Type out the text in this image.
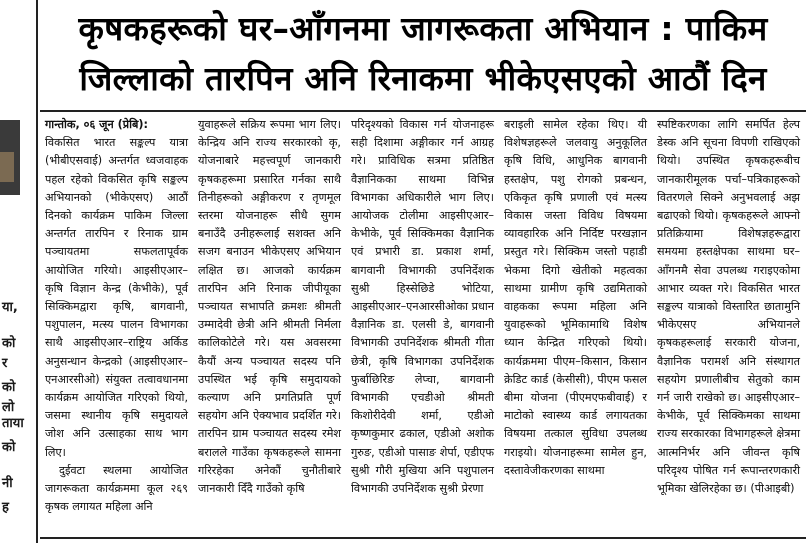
या,
को
र
को
लो
ताया
को
नी
ह
कृषकहरूको घर–आँगनमा जागरूकता अभियान : पाकिम
जिल्लाको तारपिन अनि रिनाकमा भीकेएसएको आठौं दिन

गान्तोक, ०६ जून (प्रेबि):

विकसित भारत सङ्कल्प यात्रा (भीबीएसवाई) अन्तर्गत ध्वजवाहक पहल रहेको विकसित कृषि सङ्कल्प अभियानको (भीकेएसए) आठौं दिनको कार्यक्रम पाकिम जिल्ला अन्तर्गत तारपिन र रिनाक ग्राम पञ्चायतमा सफलतापूर्वक आयोजित गरियो। आइसीएआर–कृषि विज्ञान केन्द्र (केभीके), पूर्व सिक्किमद्वारा कृषि, बागवानी, पशुपालन, मत्स्य पालन विभागका साथै आइसीएआर–राष्ट्रिय अर्किड अनुसन्धान केन्द्रको (आइसीएआर–एनआरसीओ) संयुक्त तत्वावधानमा कार्यक्रम आयोजित गरिएको थियो, जसमा स्थानीय कृषि समुदायले जोश अनि उत्साहका साथ भाग लिए।

दुईवटा स्थलमा आयोजित जागरूकता कार्यक्रममा कूल २६९ कृषक लगायत महिला अनि

युवाहरूले सक्रिय रूपमा भाग लिए। केन्द्रिय अनि राज्य सरकारको कृ, योजनाबारे महत्त्वपूर्ण जानकारी कृषकहरूमा प्रसारित गर्नका साथै तिनीहरूको अङ्गीकरण र तृणमूल स्तरमा योजनाहरू सीधै सुगम बनाउँदै उनीहरूलाई सशक्त अनि सजग बनाउन भीकेएसए अभियान लक्षित छ। आजको कार्यक्रम तारपिन अनि रिनाक जीपीयूका पञ्चायत सभापति क्रमशः श्रीमती उम्मादेवी छेत्री अनि श्रीमती निर्मला कालिकोटेले गरे। यस अवसरमा कैयौं अन्य पञ्चायत सदस्य पनि उपस्थित भई कृषि समुदायको कल्याण अनि प्रगतिप्रति पूर्ण सहयोग अनि ऐक्यभाव प्रदर्शित गरे। तारपिन ग्राम पञ्चायत सदस्य रमेश बरालले गाउँका कृषकहरूले सामना गरिरहेका अनेकौं चुनौतीबारे जानकारी दिँदै गाउँको कृषि
परिदृश्यको विकास गर्न योजनाहरू सही दिशामा अङ्गीकार गर्न आग्रह गरे। प्राविधिक सत्रमा प्रतिष्ठित वैज्ञानिकका साथमा विभिन्न विभागका अधिकारीले भाग लिए। आयोजक टोलीमा आइसीएआर–केभीके, पूर्व सिक्किमका वैज्ञानिक एवं प्रभारी डा. प्रकाश शर्मा, बागवानी विभागकी उपनिर्देशक सुश्री हिस्सेछिडे भोटिया, आइसीएआर–एनआरसीओका प्रधान वैज्ञानिक डा. एलसी डे, बागवानी विभागकी उपनिर्देशक श्रीमती गीता छेत्री, कृषि विभागका उपनिर्देशक फुर्बाछिरिङ लेप्चा, बागवानी विभागकी एचडीओ श्रीमती किशोरीदेवी शर्मा, एडीओ कृष्णकुमार ढकाल, एडीओ अशोक गुरुङ, एडीओ पासाङ शेर्पा, एडीएफ सुश्री गौरी मुखिया अनि पशुपालन विभागकी उपनिर्देशक सुश्री प्रेरणा
बराइली सामेल रहेका थिए। यी विशेषज्ञहरूले जलवायु अनुकूलित कृषि विधि, आधुनिक बागवानी हस्तक्षेप, पशु रोगको प्रबन्धन, एकिकृत कृषि प्रणाली एवं मत्स्य विकास जस्ता विविध विषयमा व्यावहारिक अनि निर्दिष्ट परखज्ञान प्रस्तुत गरे। सिक्किम जस्तो पहाडी भेकमा दिगो खेतीको महत्वका साथमा ग्रामीण कृषि उद्यमिताको वाहकका रूपमा महिला अनि युवाहरूको भूमिकामाथि विशेष ध्यान केन्द्रित गरिएको थियो। कार्यक्रममा पीएम–किसान, किसान क्रेडिट कार्ड (केसीसी), पीएम फसल बीमा योजना (पीएमएफबीवाई) र माटोको स्वास्थ्य कार्ड लगायतका विषयमा तत्काल सुविधा उपलब्ध गराइयो। योजनाहरूमा सामेल हुन, दस्तावेजीकरणका साथमा
स्पष्टिकरणका लागि समर्पित हेल्प डेस्क अनि सूचना विपणी राखिएको थियो। उपस्थित कृषकहरूबीच जानकारीमूलक पर्चा–पत्रिकाहरूको वितरणले सिक्ने अनुभवलाई अझ बढाएको थियो। कृषकहरूले आफ्नो प्रतिक्रियामा विशेषज्ञहरूद्वारा समयमा हस्तक्षेपका साथमा घर–आँगनमै सेवा उपलब्ध गराइएकोमा आभार व्यक्त गरे। विकसित भारत सङ्कल्प यात्राको विस्तारित छातामुनि भीकेएसए अभियानले कृषकहरूलाई सरकारी योजना, वैज्ञानिक परामर्श अनि संस्थागत सहयोग प्रणालीबीच सेतुको काम गर्न जारी राखेको छ। आइसीएआर–केभीके, पूर्व सिक्किमका साथमा राज्य सरकारका विभागहरूले क्षेत्रमा आत्मनिर्भर अनि जीवन्त कृषि परिदृश्य पोषित गर्न रूपान्तरणकारी भूमिका खेलिरहेका छ। (पीआइबी)
